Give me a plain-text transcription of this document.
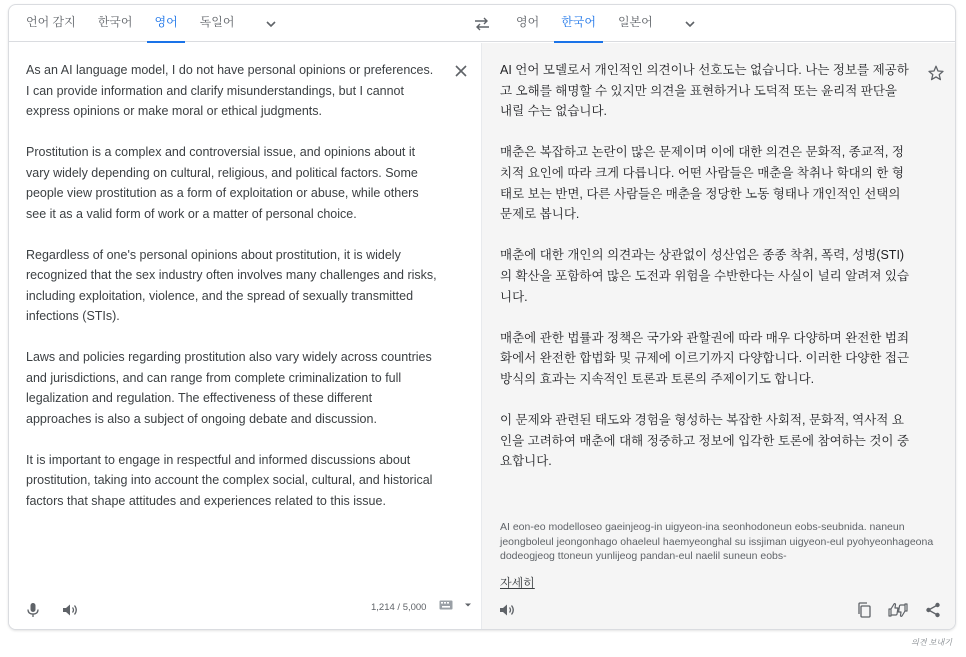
언어 감지	한국어	영어	독일어	영어	한국어	일본어

As an AI language model, I do not have personal opinions or preferences. I can provide information and clarify misunderstandings, but I cannot express opinions or make moral or ethical judgments.

Prostitution is a complex and controversial issue, and opinions about it vary widely depending on cultural, religious, and political factors. Some people view prostitution as a form of exploitation or abuse, while others see it as a valid form of work or a matter of personal choice.

Regardless of one's personal opinions about prostitution, it is widely recognized that the sex industry often involves many challenges and risks, including exploitation, violence, and the spread of sexually transmitted infections (STIs).

Laws and policies regarding prostitution also vary widely across countries and jurisdictions, and can range from complete criminalization to full legalization and regulation. The effectiveness of these different approaches is also a subject of ongoing debate and discussion.

It is important to engage in respectful and informed discussions about prostitution, taking into account the complex social, cultural, and historical factors that shape attitudes and experiences related to this issue.

1,214 / 5,000

AI 언어 모델로서 개인적인 의견이나 선호도는 없습니다. 나는 정보를 제공하고 오해를 해명할 수 있지만 의견을 표현하거나 도덕적 또는 윤리적 판단을 내릴 수는 없습니다.

매춘은 복잡하고 논란이 많은 문제이며 이에 대한 의견은 문화적, 종교적, 정치적 요인에 따라 크게 다릅니다. 어떤 사람들은 매춘을 착취나 학대의 한 형태로 보는 반면, 다른 사람들은 매춘을 정당한 노동 형태나 개인적인 선택의 문제로 봅니다.

매춘에 대한 개인의 의견과는 상관없이 성산업은 종종 착취, 폭력, 성병(STI)의 확산을 포함하여 많은 도전과 위험을 수반한다는 사실이 널리 알려져 있습니다.

매춘에 관한 법률과 정책은 국가와 관할권에 따라 매우 다양하며 완전한 범죄화에서 완전한 합법화 및 규제에 이르기까지 다양합니다. 이러한 다양한 접근 방식의 효과는 지속적인 토론과 토론의 주제이기도 합니다.

이 문제와 관련된 태도와 경험을 형성하는 복잡한 사회적, 문화적, 역사적 요인을 고려하여 매춘에 대해 정중하고 정보에 입각한 토론에 참여하는 것이 중요합니다.

AI eon-eo modelloseo gaeinjeog-in uigyeon-ina seonhodoneun eobs-seubnida. naneun jeongboleul jeongonhago ohaeleul haemyeonghal su issjiman uigyeon-eul pyohyeonhageona dodeogjeog ttoneun yunlijeog pandan-eul naelil suneun eobs-
자세히
의견 보내기
